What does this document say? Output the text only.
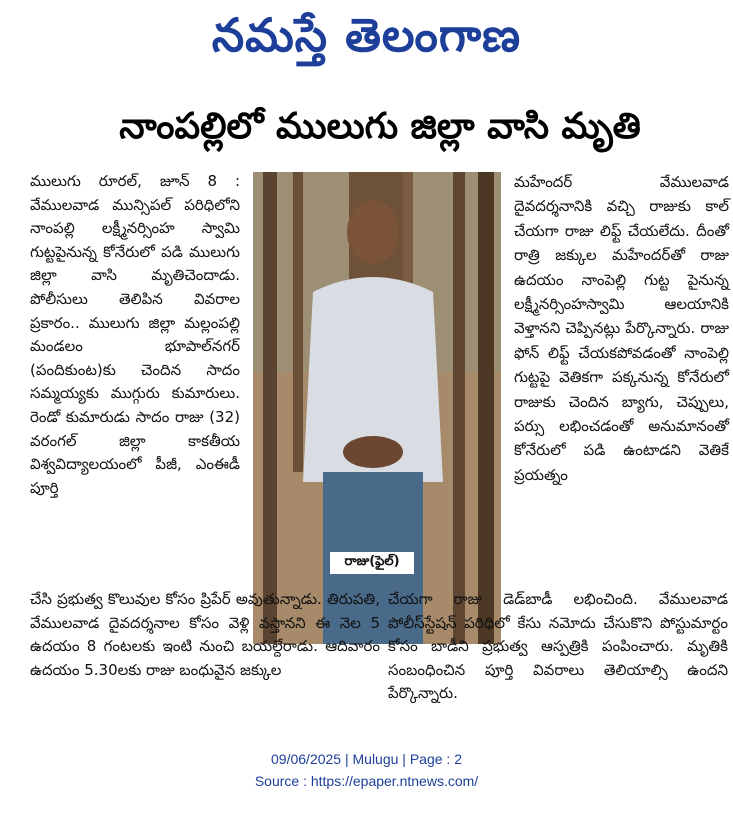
నమస్తే తెలంగాణ
నాంపల్లిలో ములుగు జిల్లా వాసి మృతి

ములుగు రూరల్, జూన్ 8 : వేములవాడ మున్సిపల్ పరిధిలోని నాంపల్లి లక్ష్మీనర్సింహ స్వామి గుట్టపైనున్న కోనేరులో పడి ములుగు జిల్లా వాసి మృతిచెందాడు. పోలీసులు తెలిపిన వివరాల ప్రకారం.. ములుగు జిల్లా మల్లంపల్లి మండలం భూపాల్‌నగర్ (పందికుంట)కు చెందిన సాదం సమ్మయ్యకు ముగ్గురు కుమారులు. రెండో కుమారుడు సాదం రాజు (32) వరంగల్ జిల్లా కాకతీయ విశ్వవిద్యాలయంలో పీజీ, ఎంఈడీ పూర్తి

రాజు(ఫైల్)

మహేందర్ వేములవాడ దైవదర్శనానికి వచ్చి రాజుకు కాల్ చేయగా రాజు లిఫ్ట్ చేయలేదు. దీంతో రాత్రి జక్కుల మహేందర్‌తో రాజు ఉదయం నాంపెల్లి గుట్ట పైనున్న లక్ష్మీనర్సింహస్వామి ఆలయానికి వెళ్తానని చెప్పినట్లు పేర్కొన్నారు. రాజు ఫోన్ లిఫ్ట్ చేయకపోవడంతో నాంపెల్లి గుట్టపై వెతికగా పక్కనున్న కోనేరులో రాజుకు చెందిన బ్యాగు, చెప్పులు, పర్సు లభించడంతో అనుమానంతో కోనేరులో పడి ఉంటాడని వెతికే ప్రయత్నం

చేసి ప్రభుత్వ కొలువుల కోసం ప్రిపేర్ అవుతున్నాడు. తిరుపతి, వేములవాడ దైవదర్శనాల కోసం వెళ్లి వస్తానని ఈ నెల 5 ఉదయం 8 గంటలకు ఇంటి నుంచి బయల్దేరాడు. ఆదివారం ఉదయం 5.30లకు రాజు బంధువైన జక్కుల

చేయగా రాజు డెడ్‌బాడీ లభించింది. వేములవాడ పోలీస్‌స్టేషన్ పరిధిలో కేసు నమోదు చేసుకొని పోస్టుమార్టం కోసం బాడీని ప్రభుత్వ ఆస్పత్రికి పంపించారు. మృతికి సంబంధించిన పూర్తి వివరాలు తెలియాల్సి ఉందని పేర్కొన్నారు.

09/06/2025 | Mulugu | Page : 2
Source : https://epaper.ntnews.com/
